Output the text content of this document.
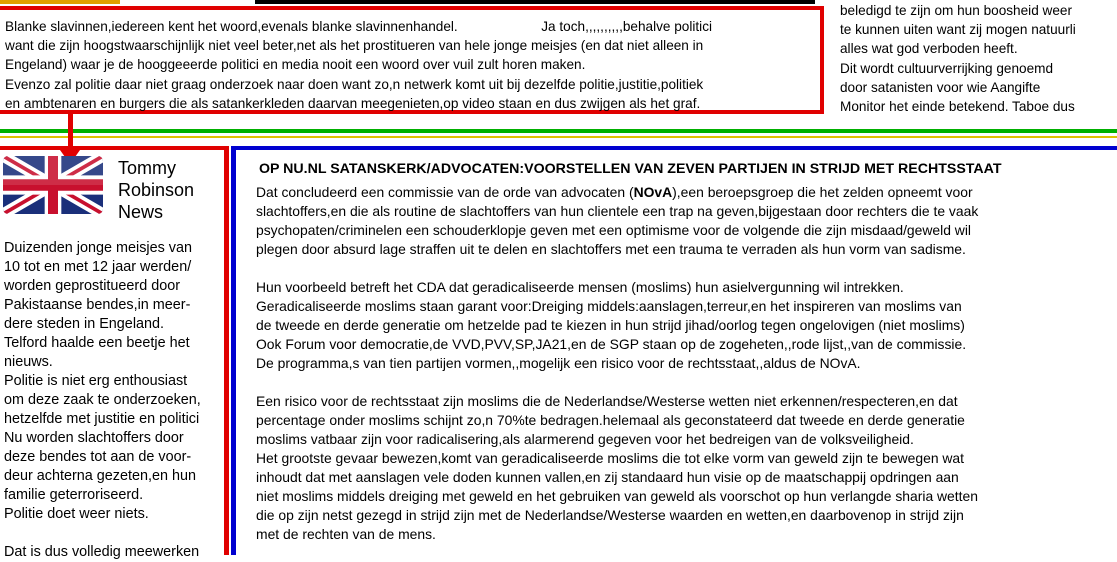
Blanke slavinnen,iedereen kent het woord,evenals blanke slavinnenhandel.	Ja toch,,,,,,,,,,behalve politici

want die zijn hoogstwaarschijnlijk niet veel beter,net als het prostitueren van hele jonge meisjes (en dat niet alleen in

Engeland) waar je de hooggeeerde politici en media nooit een woord over vuil zult horen maken.

Evenzo zal politie daar niet graag onderzoek naar doen want zo,n netwerk komt uit bij dezelfde politie,justitie,politiek

en ambtenaren en burgers die als satankerkleden daarvan meegenieten,op video staan en dus zwijgen als het graf.

beledigd te zijn om hun boosheid weer

te kunnen uiten want zij mogen natuurli

alles wat god verboden heeft.

Dit wordt cultuurverrijking genoemd

door satanisten voor wie Aangifte

Monitor het einde betekend. Taboe dus

Tommy

Robinson

News

Duizenden jonge meisjes van

10 tot en met 12 jaar werden/

worden geprostitueerd door

Pakistaanse bendes,in meer-

dere steden in Engeland.

Telford haalde een beetje het

nieuws.

Politie is niet erg enthousiast

om deze zaak te onderzoeken,

hetzelfde met justitie en politici

Nu worden slachtoffers door

deze bendes tot aan de voor-

deur achterna gezeten,en hun

familie geterroriseerd.

Politie doet weer niets.

Dat is dus volledig meewerken

OP NU.NL SATANSKERK/ADVOCATEN:VOORSTELLEN VAN ZEVEN PARTIJEN IN STRIJD MET RECHTSSTAAT

Dat concludeerd een commissie van de orde van advocaten (NOvA),een beroepsgroep die het zelden opneemt voor
slachtoffers,en die als routine de slachtoffers van hun clientele een trap na geven,bijgestaan door rechters die te vaak
psychopaten/criminelen een schouderklopje geven met een optimisme voor de volgende die zijn misdaad/geweld wil
plegen door absurd lage straffen uit te delen en slachtoffers met een trauma te verraden als hun vorm van sadisme.

Hun voorbeeld betreft het CDA dat geradicaliseerde mensen (moslims) hun asielvergunning wil intrekken.
Geradicaliseerde moslims staan garant voor:Dreiging middels:aanslagen,terreur,en het inspireren van moslims van
de tweede en derde generatie om hetzelde pad te kiezen in hun strijd jihad/oorlog tegen ongelovigen (niet moslims)
Ook Forum voor democratie,de VVD,PVV,SP,JA21,en de SGP staan op de zogeheten,,rode lijst,,van de commissie.
De programma,s van tien partijen vormen,,mogelijk een risico voor de rechtsstaat,,aldus de NOvA.

Een risico voor de rechtsstaat zijn moslims die de Nederlandse/Westerse wetten niet erkennen/respecteren,en dat
percentage onder moslims schijnt zo,n 70%te bedragen.helemaal als geconstateerd dat tweede en derde generatie
moslims vatbaar zijn voor radicalisering,als alarmerend gegeven voor het bedreigen van de volksveiligheid.
Het grootste gevaar bewezen,komt van geradicaliseerde moslims die tot elke vorm van geweld zijn te bewegen wat
inhoudt dat met aanslagen vele doden kunnen vallen,en zij standaard hun visie op de maatschappij opdringen aan
niet moslims middels dreiging met geweld en het gebruiken van geweld als voorschot op hun verlangde sharia wetten
die op zijn netst gezegd in strijd zijn met de Nederlandse/Westerse waarden en wetten,en daarbovenop in strijd zijn
met de rechten van de mens.
